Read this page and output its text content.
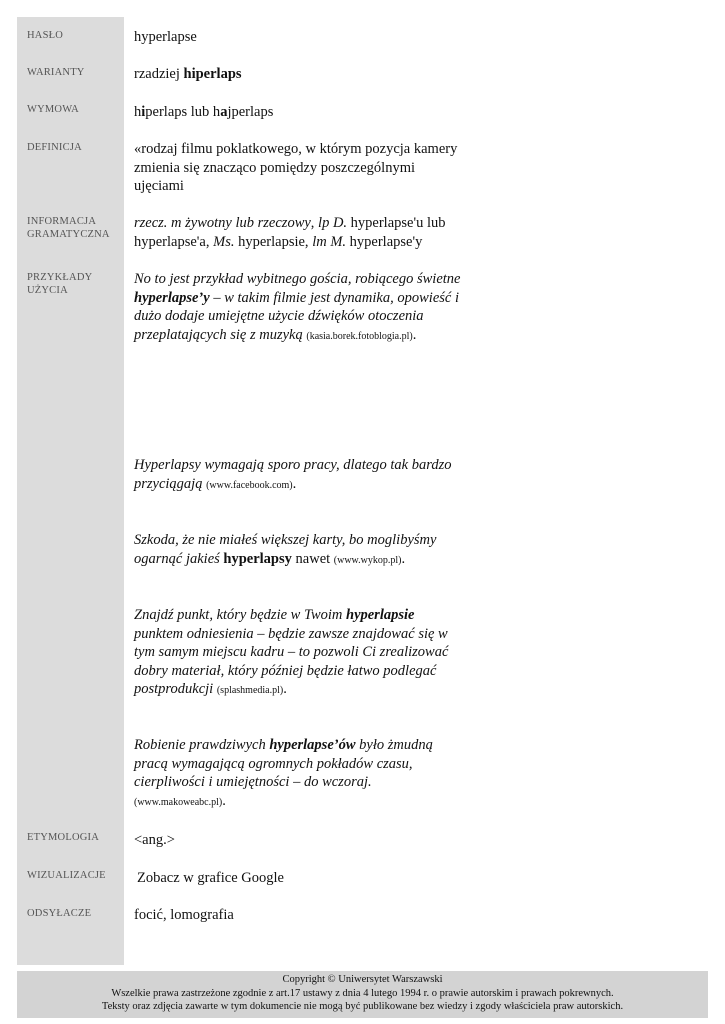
HASŁO
WARIANTY
WYMOWA
DEFINICJA
INFORMACJA
GRAMATYCZNA
PRZYKŁADY
UŻYCIA
ETYMOLOGIA
WIZUALIZACJE
ODSYŁACZE
hyperlapse
rzadziej hiperlaps
hiperlaps lub hajperlaps
«rodzaj filmu poklatkowego, w którym pozycja kamery zmienia się znacząco pomiędzy poszczególnymi ujęciami
rzecz. m żywotny lub rzeczowy, lp D. hyperlapse'u lub hyperlapse'a, Ms. hyperlapsie, lm M. hyperlapse'y
No to jest przykład wybitnego gościa, robiącego świetne hyperlapse’y – w takim filmie jest dynamika, opowieść i dużo dodaje umiejętne użycie dźwięków otoczenia przeplatających się z muzyką (kasia.borek.fotoblogia.pl).
Hyperlapsy wymagają sporo pracy, dlatego tak bardzo przyciągają (www.facebook.com).
Szkoda, że nie miałeś większej karty, bo moglibyśmy ogarnąć jakieś hyperlapsy nawet (www.wykop.pl).
Znajdź punkt, który będzie w Twoim hyperlapsie punktem odniesienia – będzie zawsze znajdować się w tym samym miejscu kadru – to pozwoli Ci zrealizować dobry materiał, który później będzie łatwo podlegać postprodukcji (splashmedia.pl).
Robienie prawdziwych hyperlapse’ów było żmudną pracą wymagającą ogromnych pokładów czasu, cierpliwości i umiejętności – do wczoraj. (www.makoweabc.pl).
<ang.>
Zobacz w grafice Google
focić, lomografia
Copyright © Uniwersytet Warszawski
Wszelkie prawa zastrzeżone zgodnie z art.17 ustawy z dnia 4 lutego 1994 r. o prawie autorskim i prawach pokrewnych.
Teksty oraz zdjęcia zawarte w tym dokumencie nie mogą być publikowane bez wiedzy i zgody właściciela praw autorskich.
